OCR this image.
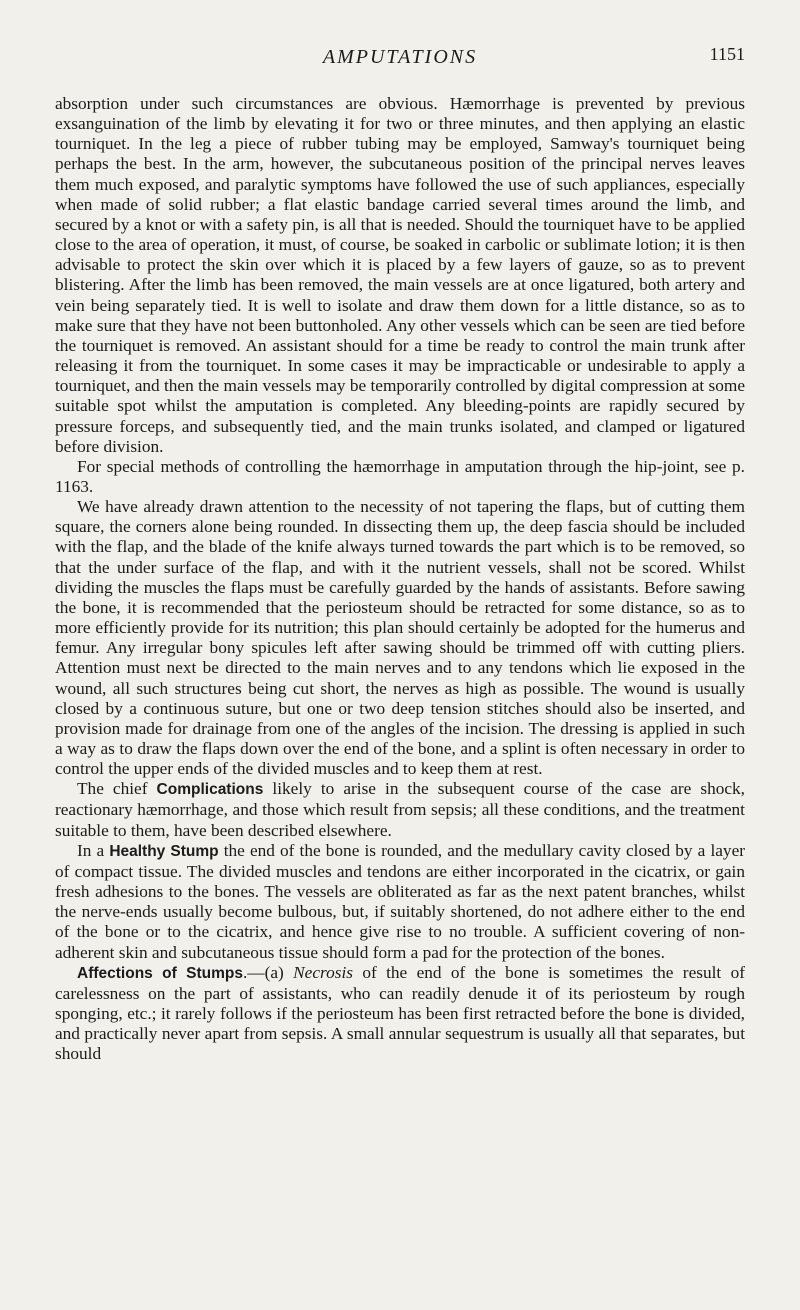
AMPUTATIONS	1151

absorption under such circumstances are obvious. Hæmorrhage is prevented by previous exsanguination of the limb by elevating it for two or three minutes, and then applying an elastic tourniquet. In the leg a piece of rubber tubing may be employed, Samway's tourniquet being perhaps the best. In the arm, however, the subcutaneous position of the principal nerves leaves them much exposed, and paralytic symptoms have followed the use of such appliances, especially when made of solid rubber; a flat elastic bandage carried several times around the limb, and secured by a knot or with a safety pin, is all that is needed. Should the tourniquet have to be applied close to the area of operation, it must, of course, be soaked in carbolic or sublimate lotion; it is then advisable to protect the skin over which it is placed by a few layers of gauze, so as to prevent blistering. After the limb has been removed, the main vessels are at once ligatured, both artery and vein being separately tied. It is well to isolate and draw them down for a little distance, so as to make sure that they have not been buttonholed. Any other vessels which can be seen are tied before the tourniquet is removed. An assistant should for a time be ready to control the main trunk after releasing it from the tourniquet. In some cases it may be impracticable or undesirable to apply a tourniquet, and then the main vessels may be temporarily controlled by digital compression at some suitable spot whilst the amputation is completed. Any bleeding-points are rapidly secured by pressure forceps, and subsequently tied, and the main trunks isolated, and clamped or ligatured before division.

For special methods of controlling the hæmorrhage in amputation through the hip-joint, see p. 1163.

We have already drawn attention to the necessity of not tapering the flaps, but of cutting them square, the corners alone being rounded. In dissecting them up, the deep fascia should be included with the flap, and the blade of the knife always turned towards the part which is to be removed, so that the under surface of the flap, and with it the nutrient vessels, shall not be scored. Whilst dividing the muscles the flaps must be carefully guarded by the hands of assistants. Before sawing the bone, it is recommended that the periosteum should be retracted for some distance, so as to more efficiently provide for its nutrition; this plan should certainly be adopted for the humerus and femur. Any irregular bony spicules left after sawing should be trimmed off with cutting pliers. Attention must next be directed to the main nerves and to any tendons which lie exposed in the wound, all such structures being cut short, the nerves as high as possible. The wound is usually closed by a continuous suture, but one or two deep tension stitches should also be inserted, and provision made for drainage from one of the angles of the incision. The dressing is applied in such a way as to draw the flaps down over the end of the bone, and a splint is often necessary in order to control the upper ends of the divided muscles and to keep them at rest.

The chief Complications likely to arise in the subsequent course of the case are shock, reactionary hæmorrhage, and those which result from sepsis; all these conditions, and the treatment suitable to them, have been described elsewhere.

In a Healthy Stump the end of the bone is rounded, and the medullary cavity closed by a layer of compact tissue. The divided muscles and tendons are either incorporated in the cicatrix, or gain fresh adhesions to the bones. The vessels are obliterated as far as the next patent branches, whilst the nerve-ends usually become bulbous, but, if suitably shortened, do not adhere either to the end of the bone or to the cicatrix, and hence give rise to no trouble. A sufficient covering of non-adherent skin and subcutaneous tissue should form a pad for the protection of the bones.

Affections of Stumps.—(a) Necrosis of the end of the bone is sometimes the result of carelessness on the part of assistants, who can readily denude it of its periosteum by rough sponging, etc.; it rarely follows if the periosteum has been first retracted before the bone is divided, and practically never apart from sepsis. A small annular sequestrum is usually all that separates, but should
